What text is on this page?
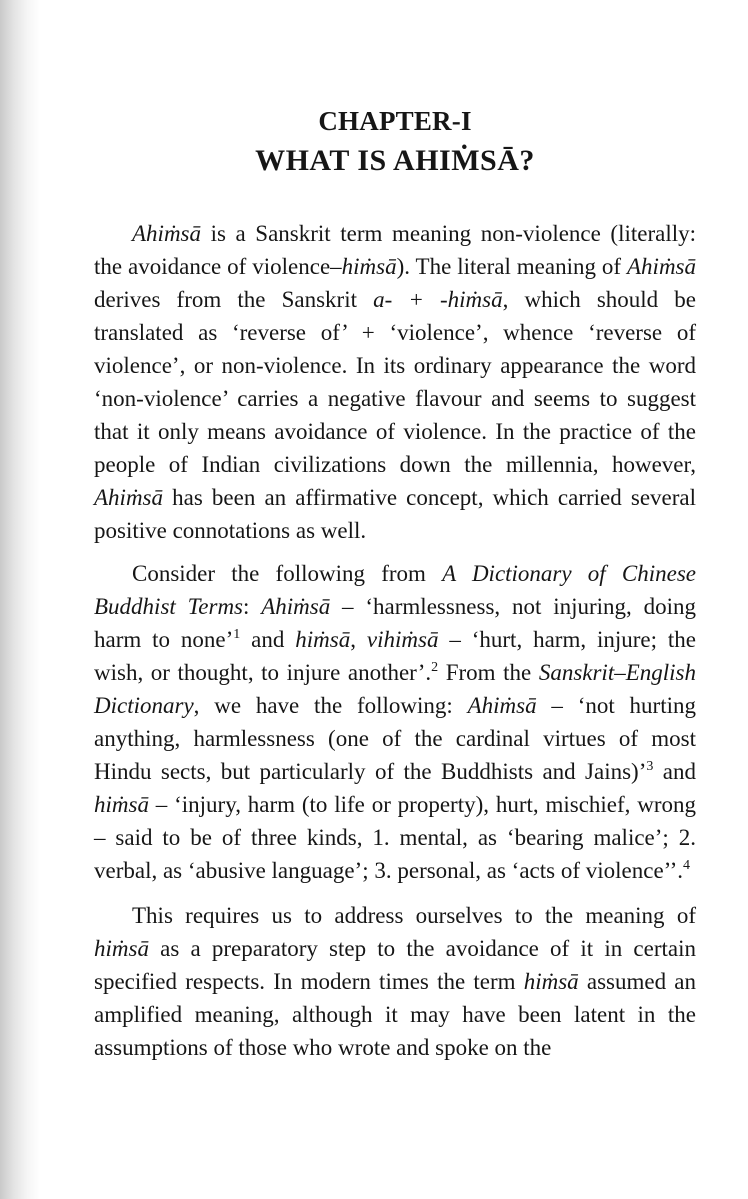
CHAPTER-I
WHAT IS AHIṀSĀ?

Ahiṁsā is a Sanskrit term meaning non-violence (literally: the avoidance of violence–hiṁsā). The literal meaning of Ahiṁsā derives from the Sanskrit a- + -hiṁsā, which should be translated as ‘reverse of’ + ‘violence’, whence ‘reverse of violence’, or non-violence. In its ordinary appearance the word ‘non-violence’ carries a negative flavour and seems to suggest that it only means avoidance of violence. In the practice of the people of Indian civilizations down the millennia, however, Ahiṁsā has been an affirmative concept, which carried several positive connotations as well.

Consider the following from A Dictionary of Chinese Buddhist Terms: Ahiṁsā – ‘harmlessness, not injuring, doing harm to none’$^1$ and hiṁsā, vihiṁsā – ‘hurt, harm, injure; the wish, or thought, to injure another’.$^2$ From the Sanskrit–English Dictionary, we have the following: Ahiṁsā – ‘not hurting anything, harmlessness (one of the cardinal virtues of most Hindu sects, but particularly of the Buddhists and Jains)’$^3$ and hiṁsā – ‘injury, harm (to life or property), hurt, mischief, wrong – said to be of three kinds, 1. mental, as ‘bearing malice’; 2. verbal, as ‘abusive language’; 3. personal, as ‘acts of violence’’.$^4$

This requires us to address ourselves to the meaning of hiṁsā as a preparatory step to the avoidance of it in certain specified respects. In modern times the term hiṁsā assumed an amplified meaning, although it may have been latent in the assumptions of those who wrote and spoke on the
